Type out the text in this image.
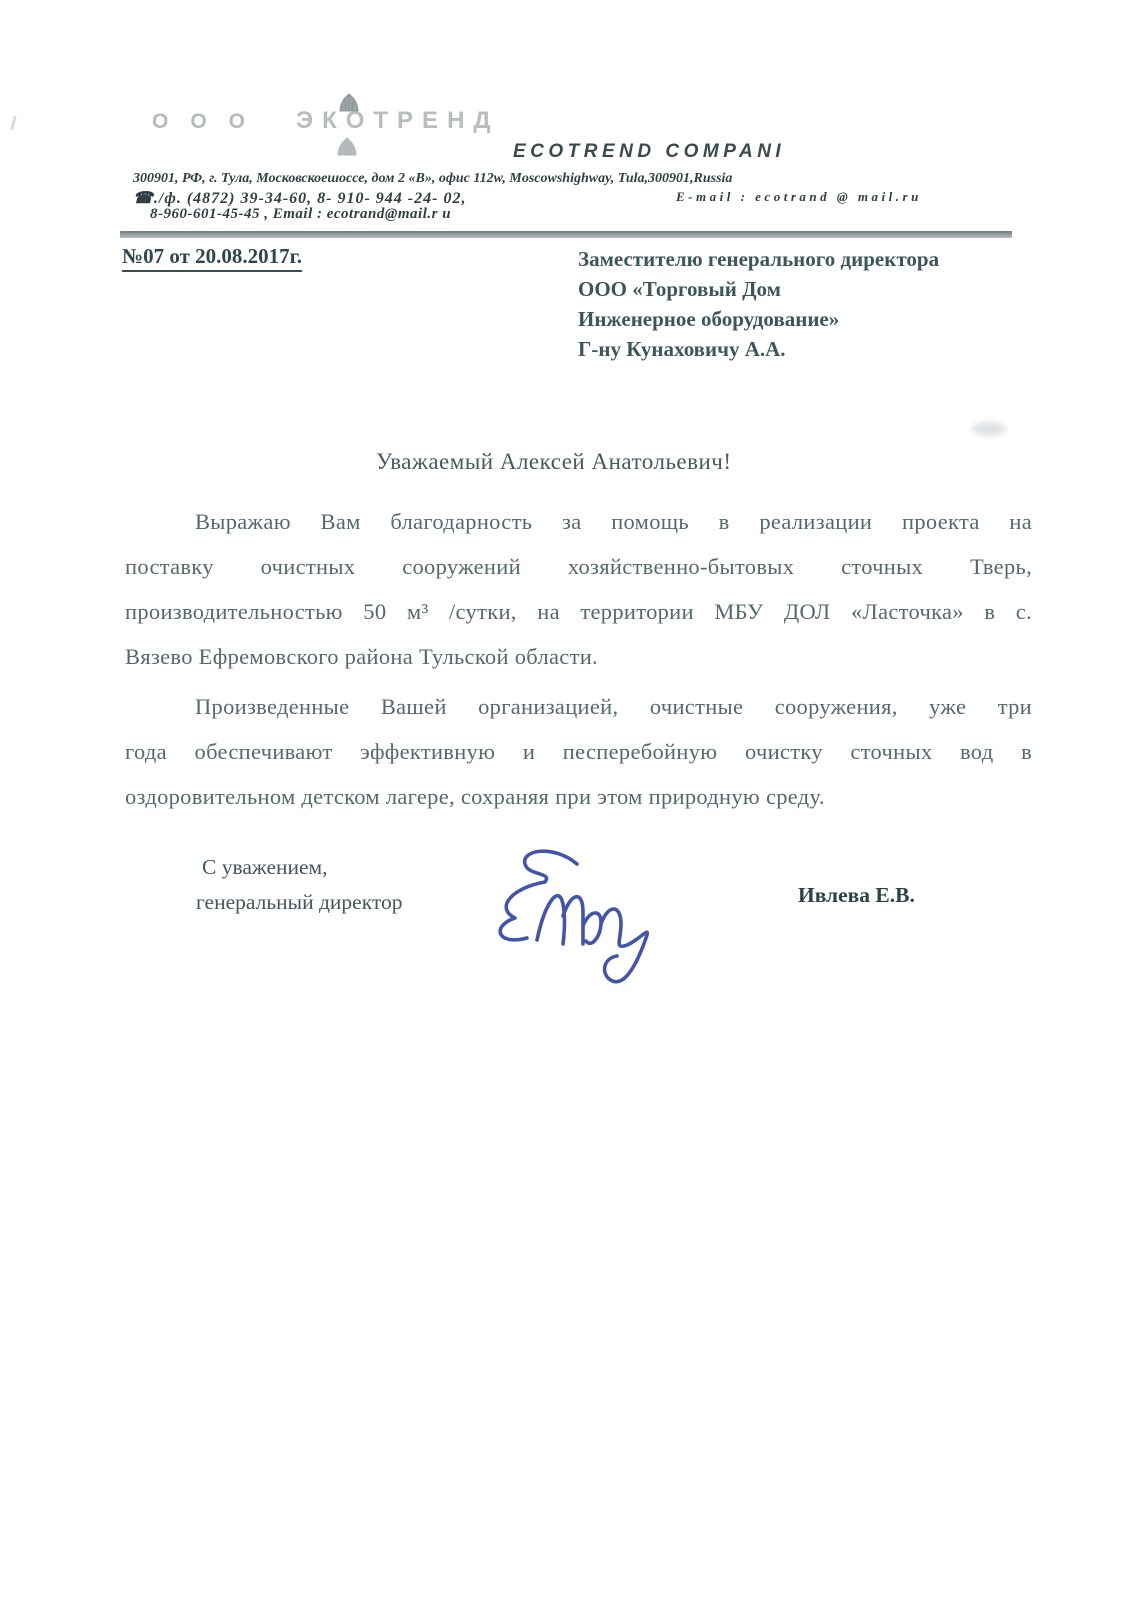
ООО ЭКОТРЕНД
ECOTREND COMPANI
300901, РФ, г. Тула, Московскоешоссе, дом 2 «В», офис 112w, Moscowshighway, Tula,300901,Russia
☎./ф. (4872) 39-34-60, 8- 910- 944 -24- 02,	E-mail : ecotrand @ mail.ru
8-960-601-45-45 , Email : ecotrand@mail.r u
№07 от 20.08.2017г.	Заместителю генерального директора
ООО «Торговый Дом
Инженерное оборудование»
Г-ну Кунаховичу А.А.
Уважаемый Алексей Анатольевич!
Выражаю Вам благодарность за помощь в реализации проекта на
поставку очистных сооружений хозяйственно-бытовых сточных Тверь,
производительностью 50 м³ /сутки, на территории МБУ ДОЛ «Ласточка» в с.
Вязево Ефремовского района Тульской области.
Произведенные Вашей организацией, очистные сооружения, уже три
года обеспечивают эффективную и песперебойную очистку сточных вод в
оздоровительном детском лагере, сохраняя при этом природную среду.
С уважением,
генеральный директор	Ивлева Е.В.
